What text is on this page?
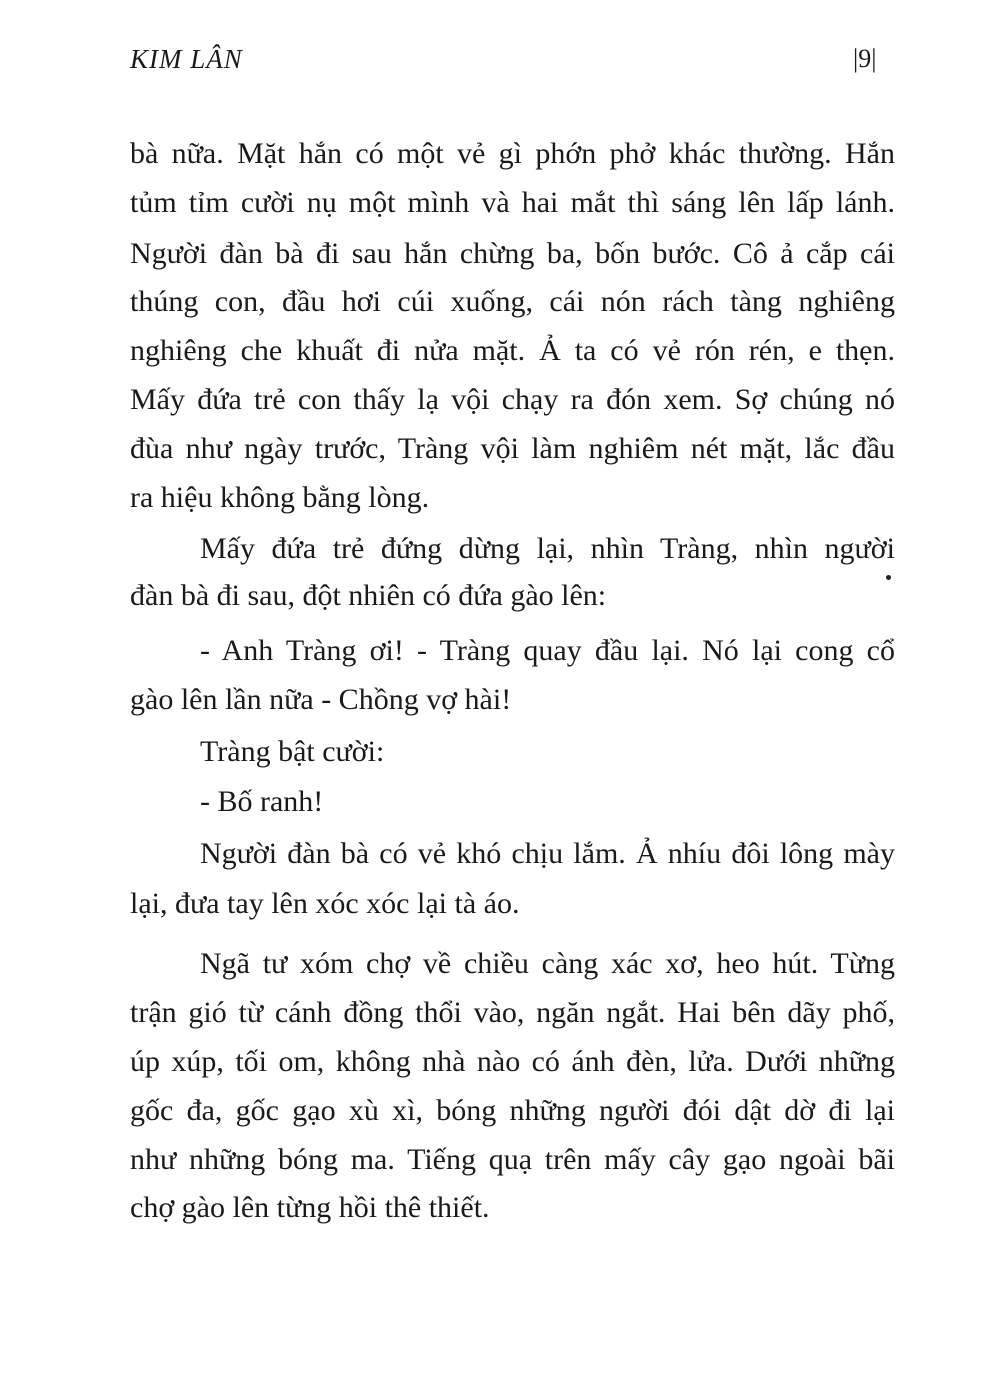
KIM LÂN	|9|
bà nữa. Mặt hắn có một vẻ gì phớn phở khác thường. Hắn
tủm tỉm cười nụ một mình và hai mắt thì sáng lên lấp lánh.
Người đàn bà đi sau hắn chừng ba, bốn bước. Cô ả cắp cái
thúng con, đầu hơi cúi xuống, cái nón rách tàng nghiêng
nghiêng che khuất đi nửa mặt. Ả ta có vẻ rón rén, e thẹn.
Mấy đứa trẻ con thấy lạ vội chạy ra đón xem. Sợ chúng nó
đùa như ngày trước, Tràng vội làm nghiêm nét mặt, lắc đầu
ra hiệu không bằng lòng.
Mấy đứa trẻ đứng dừng lại, nhìn Tràng, nhìn người
đàn bà đi sau, đột nhiên có đứa gào lên:
- Anh Tràng ơi! - Tràng quay đầu lại. Nó lại cong cổ
gào lên lần nữa - Chồng vợ hài!
Tràng bật cười:
- Bố ranh!
Người đàn bà có vẻ khó chịu lắm. Ả nhíu đôi lông mày
lại, đưa tay lên xóc xóc lại tà áo.
Ngã tư xóm chợ về chiều càng xác xơ, heo hút. Từng
trận gió từ cánh đồng thổi vào, ngăn ngắt. Hai bên dãy phố,
úp xúp, tối om, không nhà nào có ánh đèn, lửa. Dưới những
gốc đa, gốc gạo xù xì, bóng những người đói dật dờ đi lại
như những bóng ma. Tiếng quạ trên mấy cây gạo ngoài bãi
chợ gào lên từng hồi thê thiết.
